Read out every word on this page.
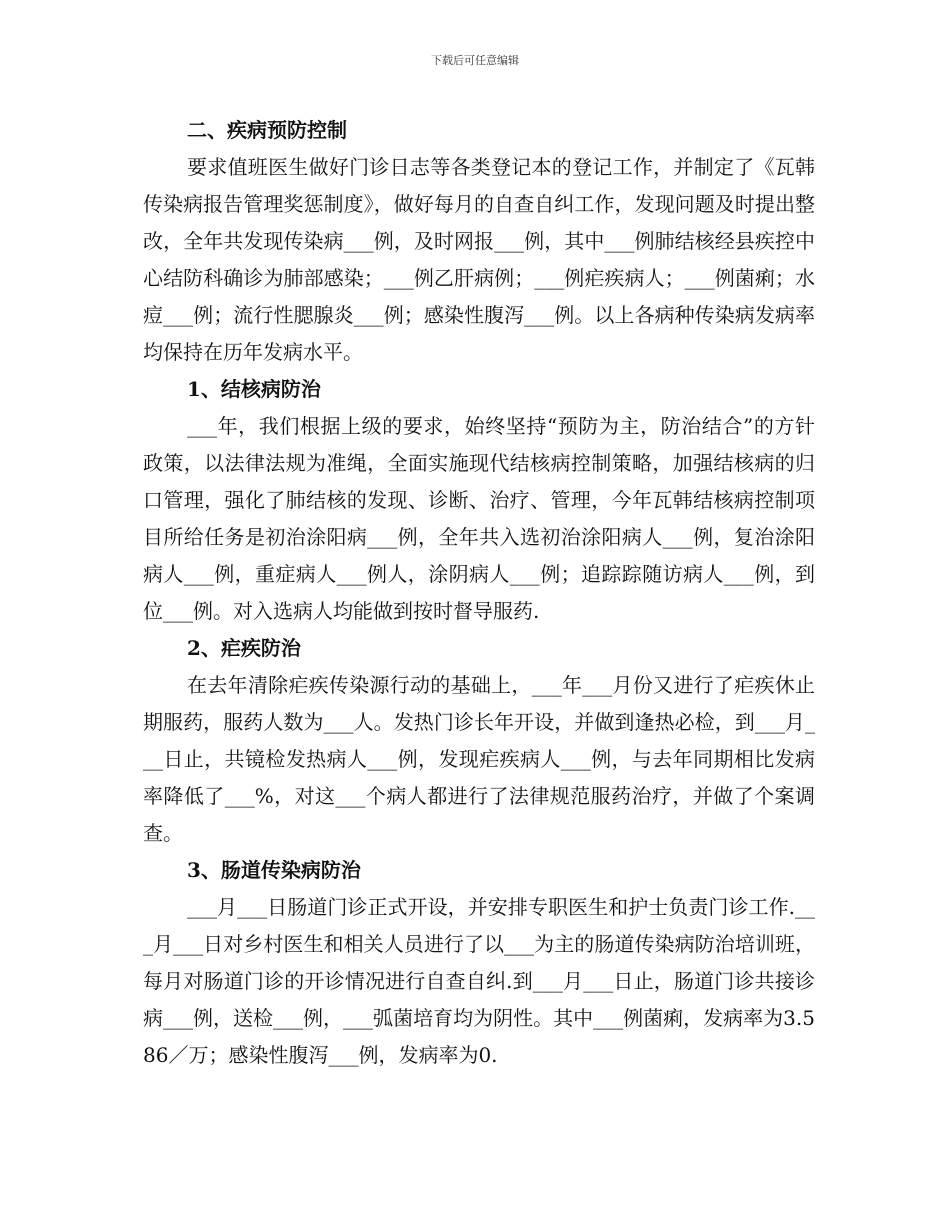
下载后可任意编辑
二、疾病预防控制

要求值班医生做好门诊日志等各类登记本的登记工作，并制定了《瓦韩传染病报告管理奖惩制度》，做好每月的自查自纠工作，发现问题及时提出整改，全年共发现传染病___例，及时网报___例，其中___例肺结核经县疾控中心结防科确诊为肺部感染；___例乙肝病例；___例疟疾病人；___例菌痢；水痘___例；流行性腮腺炎___例；感染性腹泻___例。以上各病种传染病发病率均保持在历年发病水平。

1、结核病防治

___年，我们根据上级的要求，始终坚持“预防为主，防治结合”的方针政策，以法律法规为准绳，全面实施现代结核病控制策略，加强结核病的归口管理，强化了肺结核的发现、诊断、治疗、管理，今年瓦韩结核病控制项目所给任务是初治涂阳病___例，全年共入选初治涂阳病人___例，复治涂阳病人___例，重症病人___例人，涂阴病人___例；追踪踪随访病人___例，到位___例。对入选病人均能做到按时督导服药.

2、疟疾防治

在去年清除疟疾传染源行动的基础上，___年___月份又进行了疟疾休止期服药，服药人数为___人。发热门诊长年开设，并做到逢热必检，到___月___日止，共镜检发热病人___例，发现疟疾病人___例，与去年同期相比发病率降低了___%，对这___个病人都进行了法律规范服药治疗，并做了个案调查。

3、肠道传染病防治

___月___日肠道门诊正式开设，并安排专职医生和护士负责门诊工作.___月___日对乡村医生和相关人员进行了以___为主的肠道传染病防治培训班，每月对肠道门诊的开诊情况进行自查自纠.到___月___日止，肠道门诊共接诊病___例，送检___例，___弧菌培育均为阴性。其中___例菌痢，发病率为3.586／万；感染性腹泻___例，发病率为0.
